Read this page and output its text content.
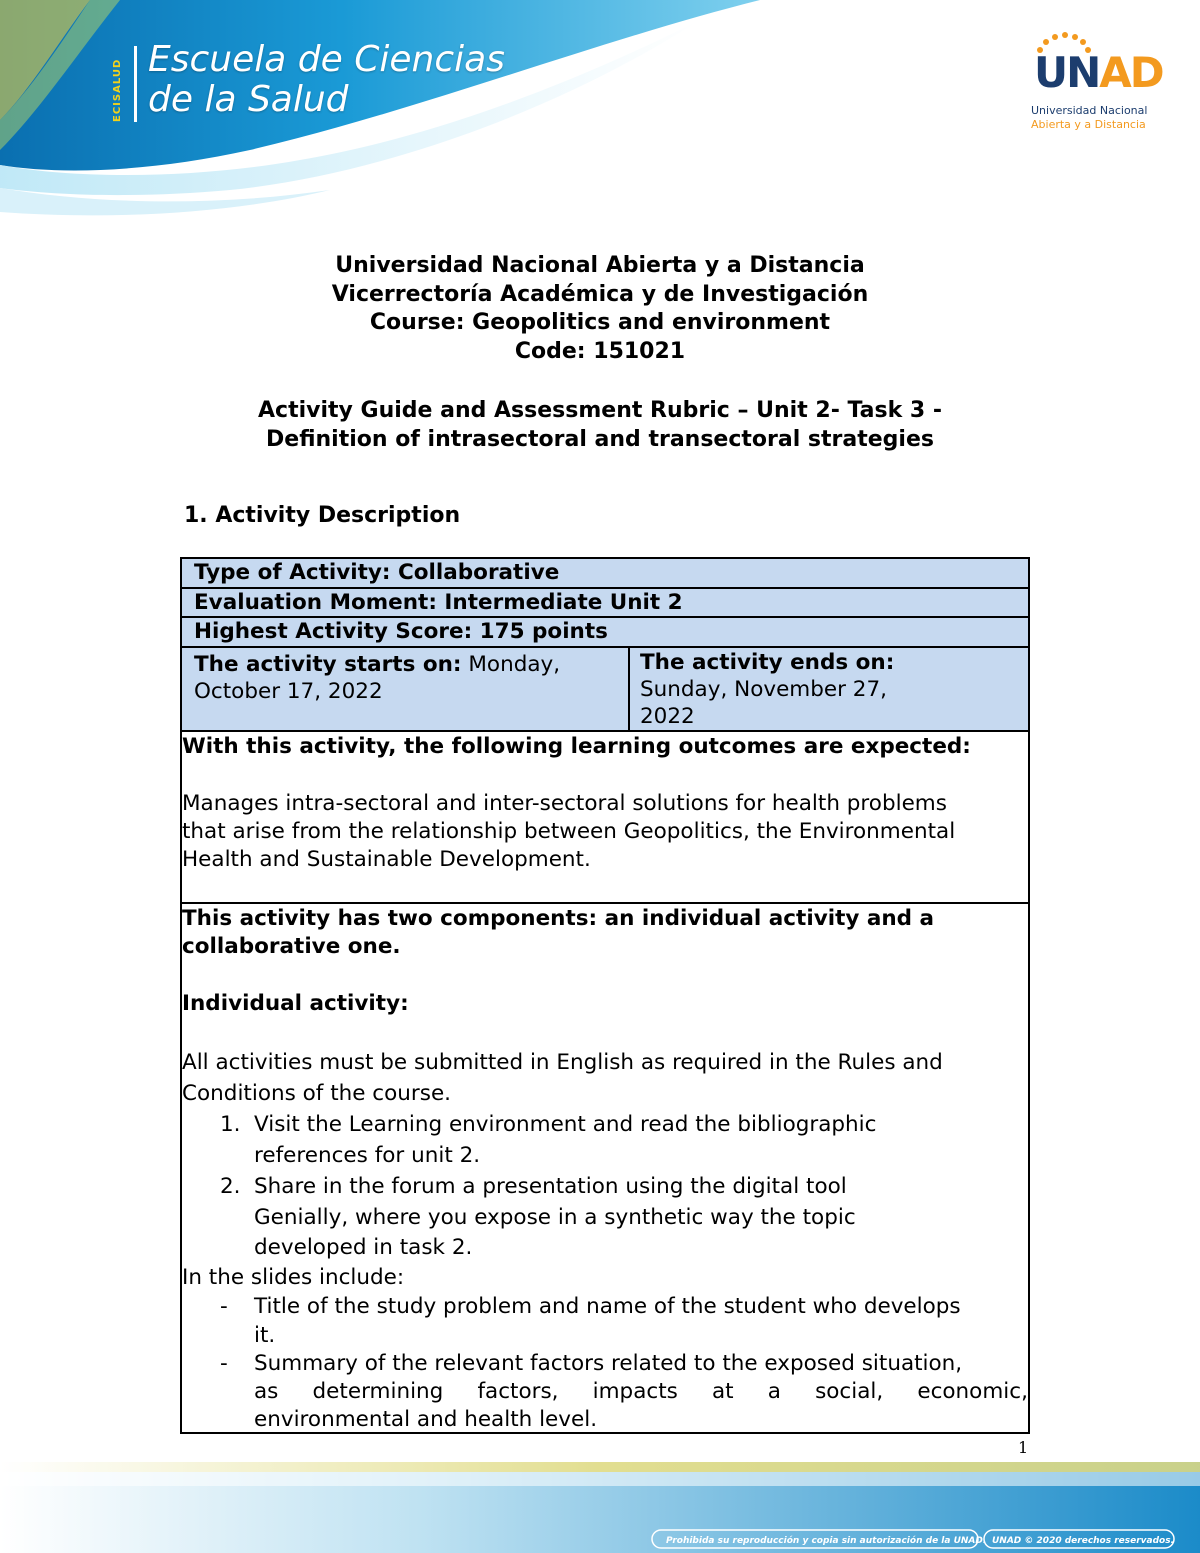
ECISALUD Escuela de Ciencias
de la Salud
UNAD
Universidad Nacional
Abierta y a Distancia
Universidad Nacional Abierta y a Distancia
Vicerrectoría Académica y de Investigación
Course: Geopolitics and environment
Code: 151021
Activity Guide and Assessment Rubric – Unit 2- Task 3 -
Definition of intrasectoral and transectoral strategies
1. Activity Description
Type of Activity: Collaborative
Evaluation Moment: Intermediate Unit 2
Highest Activity Score: 175 points
The activity starts on: Monday,
October 17, 2022
The activity ends on:
Sunday, November 27,
2022
With this activity, the following learning outcomes are expected:
Manages intra-sectoral and inter-sectoral solutions for health problems
that arise from the relationship between Geopolitics, the Environmental
Health and Sustainable Development.
This activity has two components: an individual activity and a
collaborative one.
Individual activity:
All activities must be submitted in English as required in the Rules and
Conditions of the course.
1. Visit the Learning environment and read the bibliographic
references for unit 2.
2. Share in the forum a presentation using the digital tool
Genially, where you expose in a synthetic way the topic
developed in task 2.
In the slides include:
- Title of the study problem and name of the student who develops
it.
- Summary of the relevant factors related to the exposed situation,
as determining factors, impacts at a social, economic,
environmental and health level.
1
Prohibida su reproducción y copia sin autorización de la UNAD. UNAD © 2020 derechos reservados.
